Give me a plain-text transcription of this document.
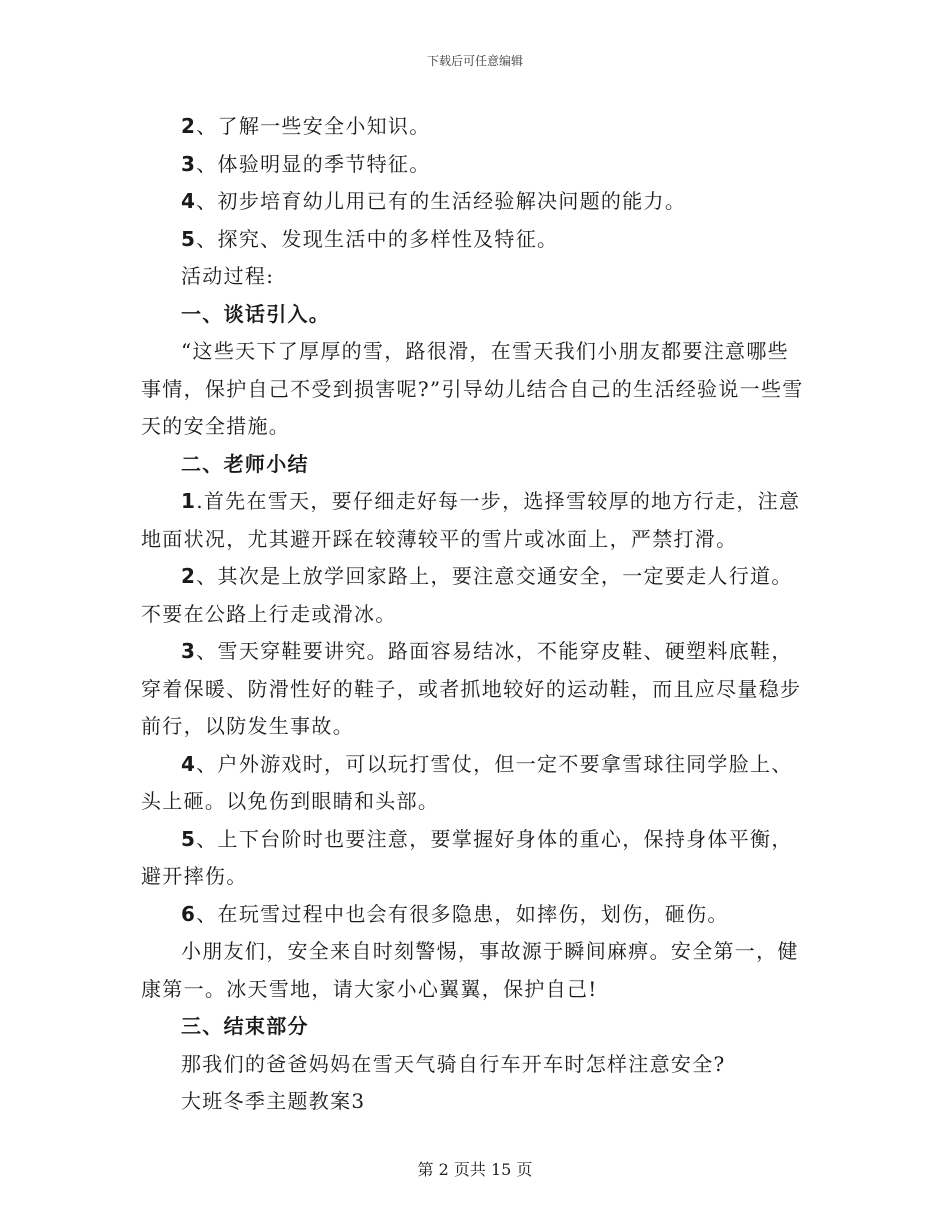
下载后可任意编辑

2、了解一些安全小知识。

3、体验明显的季节特征。

4、初步培育幼儿用已有的生活经验解决问题的能力。

5、探究、发现生活中的多样性及特征。

活动过程:

一、谈话引入。

“这些天下了厚厚的雪，路很滑，在雪天我们小朋友都要注意哪些事情，保护自己不受到损害呢?”引导幼儿结合自己的生活经验说一些雪天的安全措施。

二、老师小结

1.首先在雪天，要仔细走好每一步，选择雪较厚的地方行走，注意地面状况，尤其避开踩在较薄较平的雪片或冰面上，严禁打滑。

2、其次是上放学回家路上，要注意交通安全，一定要走人行道。不要在公路上行走或滑冰。

3、雪天穿鞋要讲究。路面容易结冰，不能穿皮鞋、硬塑料底鞋，穿着保暖、防滑性好的鞋子，或者抓地较好的运动鞋，而且应尽量稳步前行，以防发生事故。

4、户外游戏时，可以玩打雪仗，但一定不要拿雪球往同学脸上、头上砸。以免伤到眼睛和头部。

5、上下台阶时也要注意，要掌握好身体的重心，保持身体平衡，避开摔伤。

6、在玩雪过程中也会有很多隐患，如摔伤，划伤，砸伤。

小朋友们，安全来自时刻警惕，事故源于瞬间麻痹。安全第一，健康第一。冰天雪地，请大家小心翼翼，保护自己!

三、结束部分

那我们的爸爸妈妈在雪天气骑自行车开车时怎样注意安全?

大班冬季主题教案3

第 2 页共 15 页
